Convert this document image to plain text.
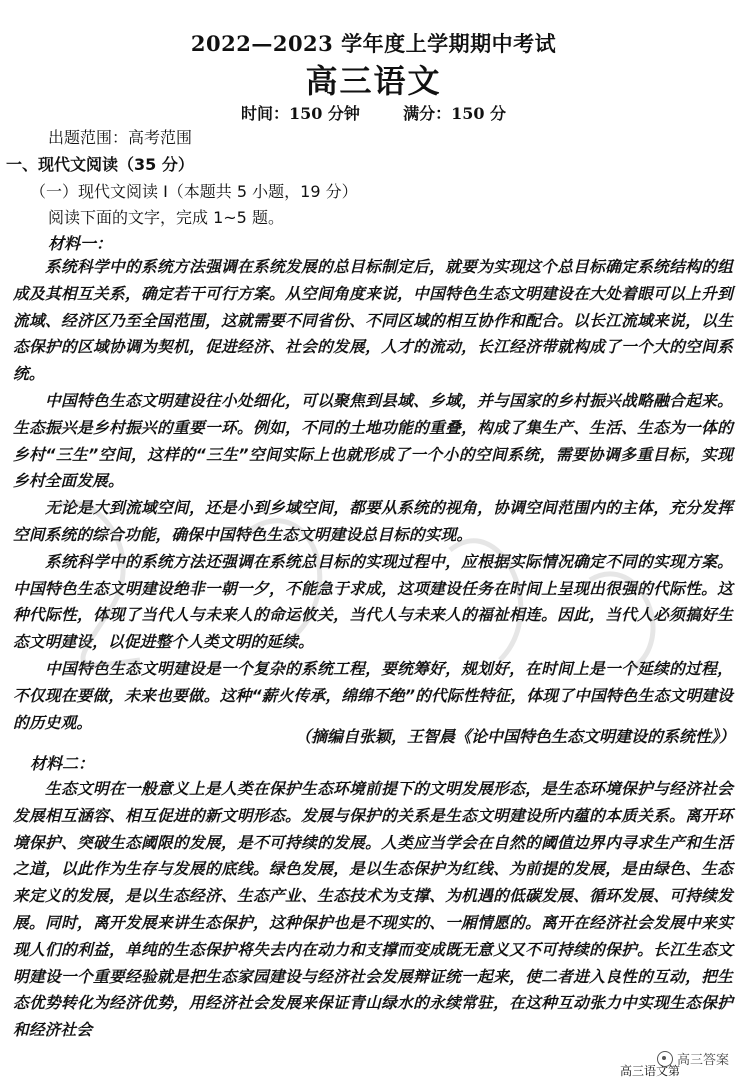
2022—2023 学年度上学期期中考试
高三语文
时间：150 分钟	满分：150 分
出题范围：高考范围
一、现代文阅读（35 分）
（一）现代文阅读 I（本题共 5 小题，19 分）
阅读下面的文字，完成 1~5 题。
材料一：

系统科学中的系统方法强调在系统发展的总目标制定后，就要为实现这个总目标确定系统结构的组成及其相互关系，确定若干可行方案。从空间角度来说，中国特色生态文明建设在大处着眼可以上升到流域、经济区乃至全国范围，这就需要不同省份、不同区域的相互协作和配合。以长江流域来说，以生态保护的区域协调为契机，促进经济、社会的发展，人才的流动，长江经济带就构成了一个大的空间系统。

中国特色生态文明建设往小处细化，可以聚焦到县域、乡域，并与国家的乡村振兴战略融合起来。生态振兴是乡村振兴的重要一环。例如，不同的土地功能的重叠，构成了集生产、生活、生态为一体的乡村“三生”空间，这样的“三生”空间实际上也就形成了一个小的空间系统，需要协调多重目标，实现乡村全面发展。

无论是大到流域空间，还是小到乡域空间，都要从系统的视角，协调空间范围内的主体，充分发挥空间系统的综合功能，确保中国特色生态文明建设总目标的实现。

系统科学中的系统方法还强调在系统总目标的实现过程中，应根据实际情况确定不同的实现方案。中国特色生态文明建设绝非一朝一夕，不能急于求成，这项建设任务在时间上呈现出很强的代际性。这种代际性，体现了当代人与未来人的命运攸关，当代人与未来人的福祉相连。因此，当代人必须搞好生态文明建设，以促进整个人类文明的延续。

中国特色生态文明建设是一个复杂的系统工程，要统筹好，规划好，在时间上是一个延续的过程，不仅现在要做，未来也要做。这种“薪火传承，绵绵不绝”的代际性特征，体现了中国特色生态文明建设的历史观。

（摘编自张颖，王智晨《论中国特色生态文明建设的系统性》）
材料二：

生态文明在一般意义上是人类在保护生态环境前提下的文明发展形态，是生态环境保护与经济社会发展相互涵容、相互促进的新文明形态。发展与保护的关系是生态文明建设所内蕴的本质关系。离开环境保护、突破生态阈限的发展，是不可持续的发展。人类应当学会在自然的阈值边界内寻求生产和生活之道，以此作为生存与发展的底线。绿色发展，是以生态保护为红线、为前提的发展，是由绿色、生态来定义的发展，是以生态经济、生态产业、生态技术为支撑、为机遇的低碳发展、循环发展、可持续发展。同时，离开发展来讲生态保护，这种保护也是不现实的、一厢情愿的。离开在经济社会发展中来实现人们的利益，单纯的生态保护将失去内在动力和支撑而变成既无意义又不可持续的保护。长江生态文明建设一个重要经验就是把生态家园建设与经济社会发展辩证统一起来，使二者进入良性的互动，把生态优势转化为经济优势，用经济社会发展来保证青山绿水的永续常驻，在这种互动张力中实现生态保护和经济社会

高三答案
高三语文第
